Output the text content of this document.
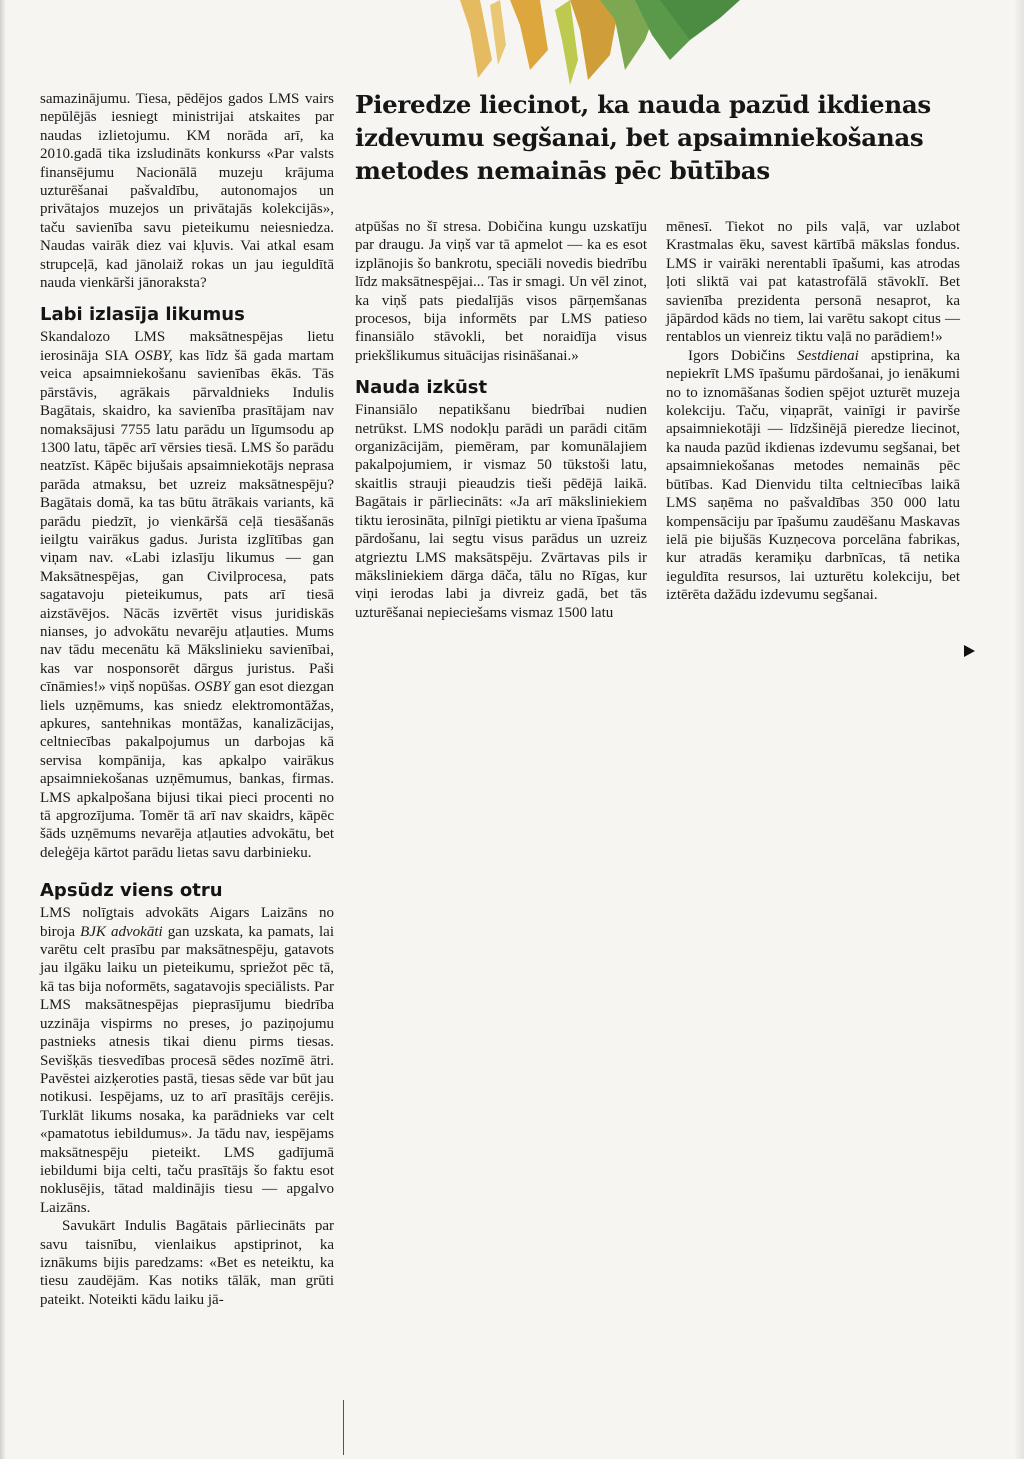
Pieredze liecinot, ka nauda pazūd ikdienas izdevumu segšanai, bet apsaimniekošanas metodes nemainās pēc būtības

samazinājumu. Tiesa, pēdējos gados LMS vairs nepūlējās iesniegt ministrijai atskaites par naudas izlietojumu. KM norāda arī, ka 2010.gadā tika izsludināts konkurss «Par valsts finansējumu Nacionālā muzeju krājuma uzturēšanai pašvaldību, autonomajos un privātajos muzejos un privātajās kolekcijās», taču savienība savu pieteikumu neiesniedza. Naudas vairāk diez vai kļuvis. Vai atkal esam strupceļā, kad jānolaiž rokas un jau ieguldītā nauda vienkārši jānoraksta?

Labi izlasīja likumus

Skandalozo LMS maksātnespējas lietu ierosināja SIA OSBY, kas līdz šā gada martam veica apsaimniekošanu savienības ēkās. Tās pārstāvis, agrākais pārvaldnieks Indulis Bagātais, skaidro, ka savienība prasītājam nav nomaksājusi 7755 latu parādu un līgumsodu ap 1300 latu, tāpēc arī vērsies tiesā. LMS šo parādu neatzīst. Kāpēc bijušais apsaimniekotājs neprasa parāda atmaksu, bet uzreiz maksātnespēju? Bagātais domā, ka tas būtu ātrākais variants, kā parādu piedzīt, jo vienkāršā ceļā tiesāšanās ieilgtu vairākus gadus. Jurista izglītības gan viņam nav. «Labi izlasīju likumus — gan Maksātnespējas, gan Civilprocesa, pats sagatavoju pieteikumus, pats arī tiesā aizstāvējos. Nācās izvērtēt visus juridiskās nianses, jo advokātu nevarēju atļauties. Mums nav tādu mecenātu kā Mākslinieku savienībai, kas var nosponsorēt dārgus juristus. Paši cīnāmies!» viņš nopūšas. OSBY gan esot diezgan liels uzņēmums, kas sniedz elektromontāžas, apkures, santehnikas montāžas, kanalizācijas, celtniecības pakalpojumus un darbojas kā servisa kompānija, kas apkalpo vairākus apsaimniekošanas uzņēmumus, bankas, firmas. LMS apkalpošana bijusi tikai pieci procenti no tā apgrozījuma. Tomēr tā arī nav skaidrs, kāpēc šāds uzņēmums nevarēja atļauties advokātu, bet deleģēja kārtot parādu lietas savu darbinieku.

Apsūdz viens otru

LMS nolīgtais advokāts Aigars Laizāns no biroja BJK advokāti gan uzskata, ka pamats, lai varētu celt prasību par maksātnespēju, gatavots jau ilgāku laiku un pieteikumu, spriežot pēc tā, kā tas bija noformēts, sagatavojis speciālists. Par LMS maksātnespējas pieprasījumu biedrība uzzināja vispirms no preses, jo paziņojumu pastnieks atnesis tikai dienu pirms tiesas. Sevišķās tiesvedības procesā sēdes nozīmē ātri. Pavēstei aizķeroties pastā, tiesas sēde var būt jau notikusi. Iespējams, uz to arī prasītājs cerējis. Turklāt likums nosaka, ka parādnieks var celt «pamatotus iebildumus». Ja tādu nav, iespējams maksātnespēju pieteikt. LMS gadījumā iebildumi bija celti, taču prasītājs šo faktu esot noklusējis, tātad maldinājis tiesu — apgalvo Laizāns.

Savukārt Indulis Bagātais pārliecināts par savu taisnību, vienlaikus apstiprinot, ka iznākums bijis paredzams: «Bet es neteiktu, ka tiesu zaudējām. Kas notiks tālāk, man grūti pateikt. Noteikti kādu laiku jā-

atpūšas no šī stresa. Dobičina kungu uzskatīju par draugu. Ja viņš var tā apmelot — ka es esot izplānojis šo bankrotu, speciāli novedis biedrību līdz maksātnespējai... Tas ir smagi. Un vēl zinot, ka viņš pats piedalījās visos pārņemšanas procesos, bija informēts par LMS patieso finansiālo stāvokli, bet noraidīja visus priekšlikumus situācijas risināšanai.»

Nauda izkūst

Finansiālo nepatikšanu biedrībai nudien netrūkst. LMS nodokļu parādi un parādi citām organizācijām, piemēram, par komunālajiem pakalpojumiem, ir vismaz 50 tūkstoši latu, skaitlis strauji pieaudzis tieši pēdējā laikā. Bagātais ir pārliecināts: «Ja arī māksliniekiem tiktu ierosināta, pilnīgi pietiktu ar viena īpašuma pārdošanu, lai segtu visus parādus un uzreiz atgrieztu LMS maksātspēju. Zvārtavas pils ir māksliniekiem dārga dāča, tālu no Rīgas, kur viņi ierodas labi ja divreiz gadā, bet tās uzturēšanai nepieciešams vismaz 1500 latu

mēnesī. Tiekot no pils vaļā, var uzlabot Krastmalas ēku, savest kārtībā mākslas fondus. LMS ir vairāki nerentabli īpašumi, kas atrodas ļoti sliktā vai pat katastrofālā stāvoklī. Bet savienība prezidenta personā nesaprot, ka jāpārdod kāds no tiem, lai varētu sakopt citus — rentablos un vienreiz tiktu vaļā no parādiem!»

Igors Dobičins Sestdienai apstiprina, ka nepiekrīt LMS īpašumu pārdošanai, jo ienākumi no to iznomāšanas šodien spējot uzturēt muzeja kolekciju. Taču, viņaprāt, vainīgi ir pavirše apsaimniekotāji — līdzšinējā pieredze liecinot, ka nauda pazūd ikdienas izdevumu segšanai, bet apsaimniekošanas metodes nemainās pēc būtības. Kad Dienvidu tilta celtniecības laikā LMS saņēma no pašvaldības 350 000 latu kompensāciju par īpašumu zaudēšanu Maskavas ielā pie bijušās Kuzņecova porcelāna fabrikas, kur atradās keramiķu darbnīcas, tā netika ieguldīta resursos, lai uzturētu kolekciju, bet iztērēta dažādu izdevumu segšanai.
